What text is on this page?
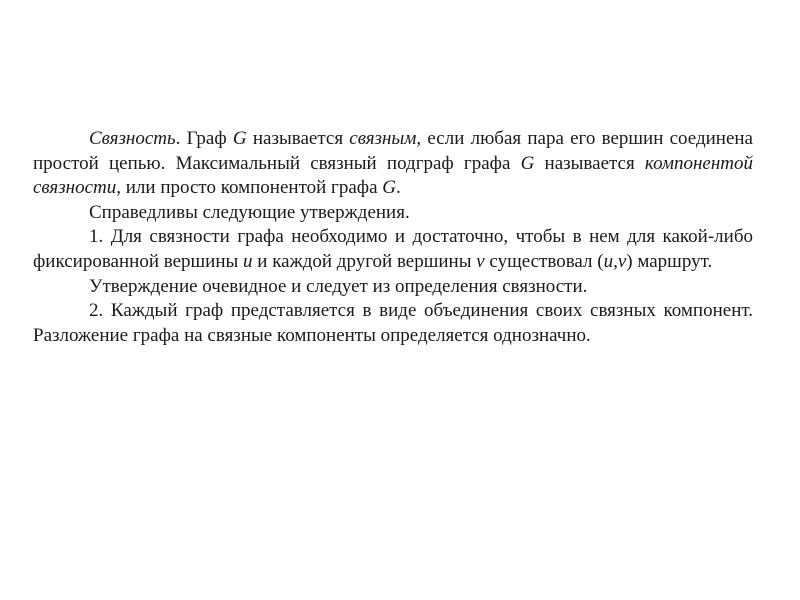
Связность. Граф G называется связным, если любая пара его вершин соединена простой цепью. Максимальный связный подграф графа G называется компонентой связности, или просто компонентой графа G.

Справедливы следующие утверждения.

1. Для связности графа необходимо и достаточно, чтобы в нем для какой-либо фиксированной вершины u и каждой другой вершины v существовал (u,v) маршрут.

Утверждение очевидное и следует из определения связности.

2. Каждый граф представляется в виде объединения своих связных компонент. Разложение графа на связные компоненты определяется однозначно.
